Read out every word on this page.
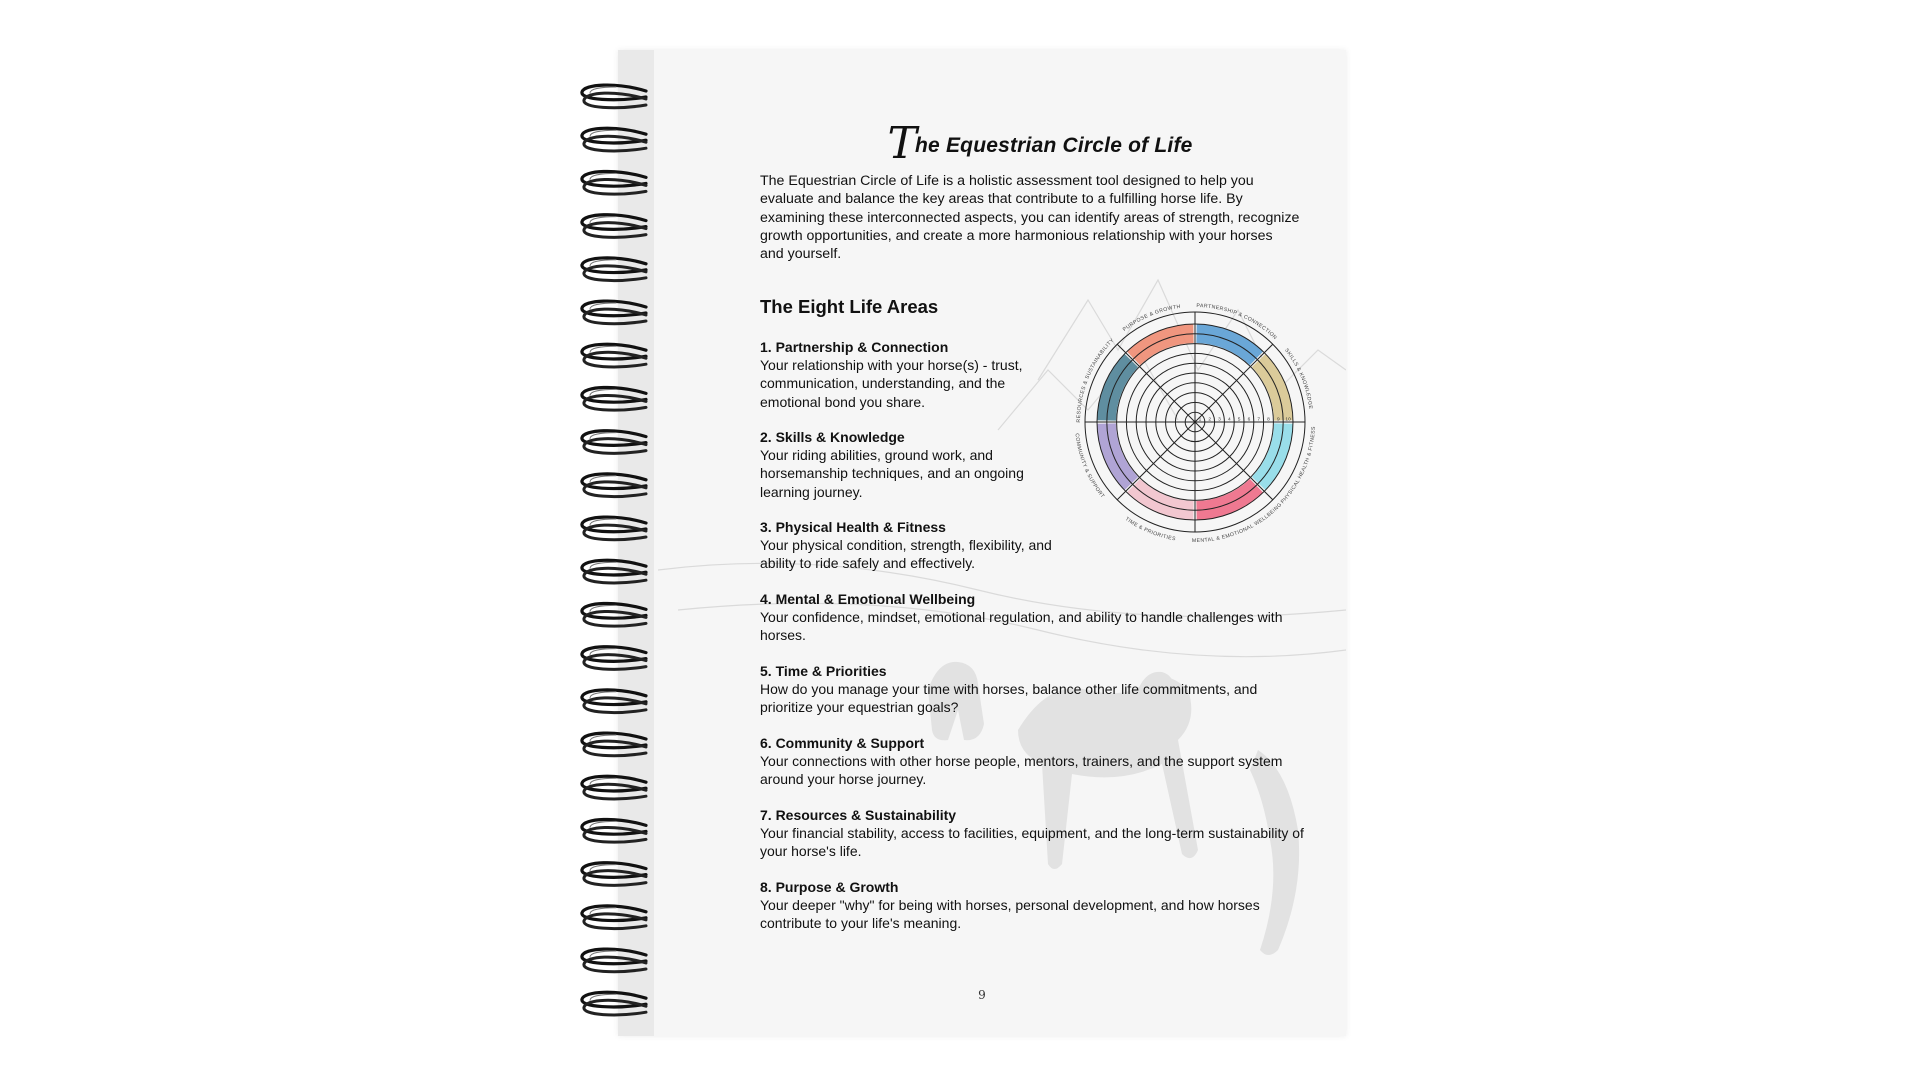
The Equestrian Circle of Life
The Equestrian Circle of Life is a holistic assessment tool designed to help you evaluate and balance the key areas that contribute to a fulfilling horse life. By examining these interconnected aspects, you can identify areas of strength, recognize growth opportunities, and create a more harmonious relationship with your horses and yourself.
The Eight Life Areas
1. Partnership & Connection
Your relationship with your horse(s) - trust, communication, understanding, and the emotional bond you share.
2. Skills & Knowledge
Your riding abilities, ground work, and horsemanship techniques, and an ongoing learning journey.
3. Physical Health & Fitness
Your physical condition, strength, flexibility, and ability to ride safely and effectively.
4. Mental & Emotional Wellbeing
Your confidence, mindset, emotional regulation, and ability to handle challenges with horses.
5. Time & Priorities
How do you manage your time with horses, balance other life commitments, and prioritize your equestrian goals?
6. Community & Support
Your connections with other horse people, mentors, trainers, and the support system around your horse journey.
7. Resources & Sustainability
Your financial stability, access to facilities, equipment, and the long-term sustainability of your horse's life.
8. Purpose & Growth
Your deeper "why" for being with horses, personal development, and how horses contribute to your life's meaning.
1 2 3 4 5 6 7 8 9 10
PARTNERSHIP & CONNECTION
SKILLS & KNOWLEDGE
PHYSICAL HEALTH & FITNESS
MENTAL & EMOTIONAL WELLBEING
TIME & PRIORITIES
COMMUNITY & SUPPORT
RESOURCES & SUSTAINABILITY
PURPOSE & GROWTH
9
